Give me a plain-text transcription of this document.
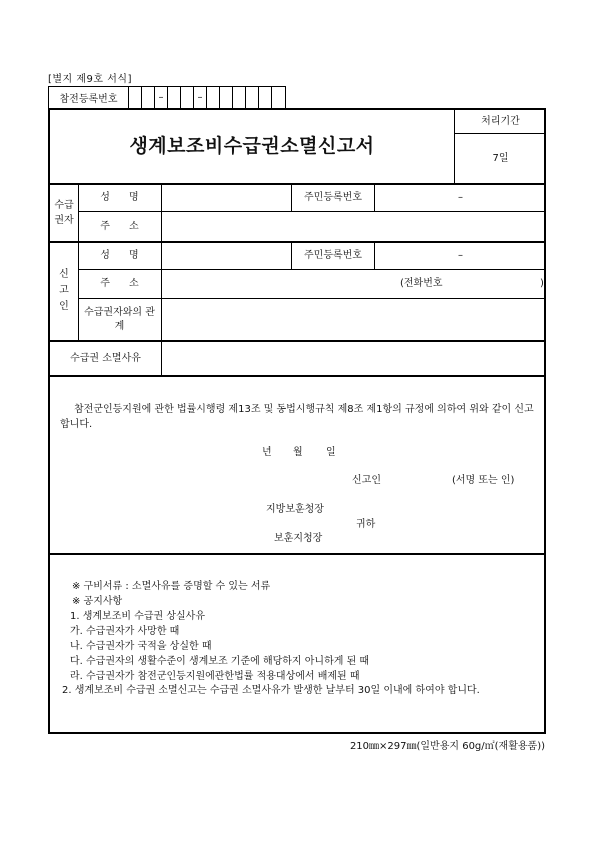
[별지 제9호 서식]
참전등록번호	–	–
생계보조비수급권소멸신고서
처리기간
7일
수급권자
성      명	주민등록번호	–
주      소
신고인
성      명	주민등록번호	–
주      소	(전화번호	)
수급권자와의 관계
수급권 소멸사유
참전군인등지원에 관한 법률시행령 제13조 및 동법시행규칙 제8조 제1항의 규정에 의하여 위와 같이 신고합니다.
년 월 일
신고인	(서명 또는 인)
지방보훈청장
귀하
보훈지청장
※ 구비서류 : 소멸사유를 증명할 수 있는 서류
※ 공지사항
1. 생계보조비 수급권 상실사유
가. 수급권자가 사망한 때
나. 수급권자가 국적을 상실한 때
다. 수급권자의 생활수준이 생계보조 기준에 해당하지 아니하게 된 때
라. 수급권자가 참전군인등지원에관한법률 적용대상에서 배제된 때
2. 생계보조비 수급권 소멸신고는 수급권 소멸사유가 발생한 날부터 30일 이내에 하여야 합니다.
210㎜×297㎜(일반용지 60g/㎡(재활용품))
